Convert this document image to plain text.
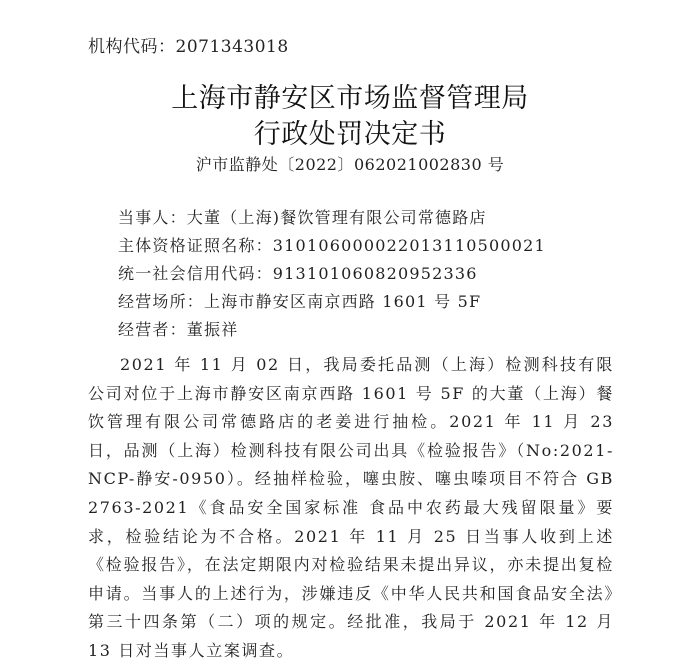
机构代码：2071343018
上海市静安区市场监督管理局
行政处罚决定书
沪市监静处〔2022〕062021002830 号
当事人：大董（上海)餐饮管理有限公司常德路店
主体资格证照名称：310106000022013110500021
统一社会信用代码：913101060820952336
经营场所：上海市静安区南京西路 1601 号 5F
经营者：董振祥
2021 年 11 月 02 日，我局委托品测（上海）检测科技有限公司对位于上海市静安区南京西路 1601 号 5F 的大董（上海）餐饮管理有限公司常德路店的老姜进行抽检。2021 年 11 月 23 日，品测（上海）检测科技有限公司出具《检验报告》（No:2021-NCP-静安-0950）。经抽样检验，噻虫胺、噻虫嗪项目不符合 GB 2763-2021《食品安全国家标准 食品中农药最大残留限量》要求，检验结论为不合格。2021 年 11 月 25 日当事人收到上述《检验报告》，在法定期限内对检验结果未提出异议，亦未提出复检申请。当事人的上述行为，涉嫌违反《中华人民共和国食品安全法》第三十四条第（二）项的规定。经批准，我局于 2021 年 12 月 13 日对当事人立案调查。
